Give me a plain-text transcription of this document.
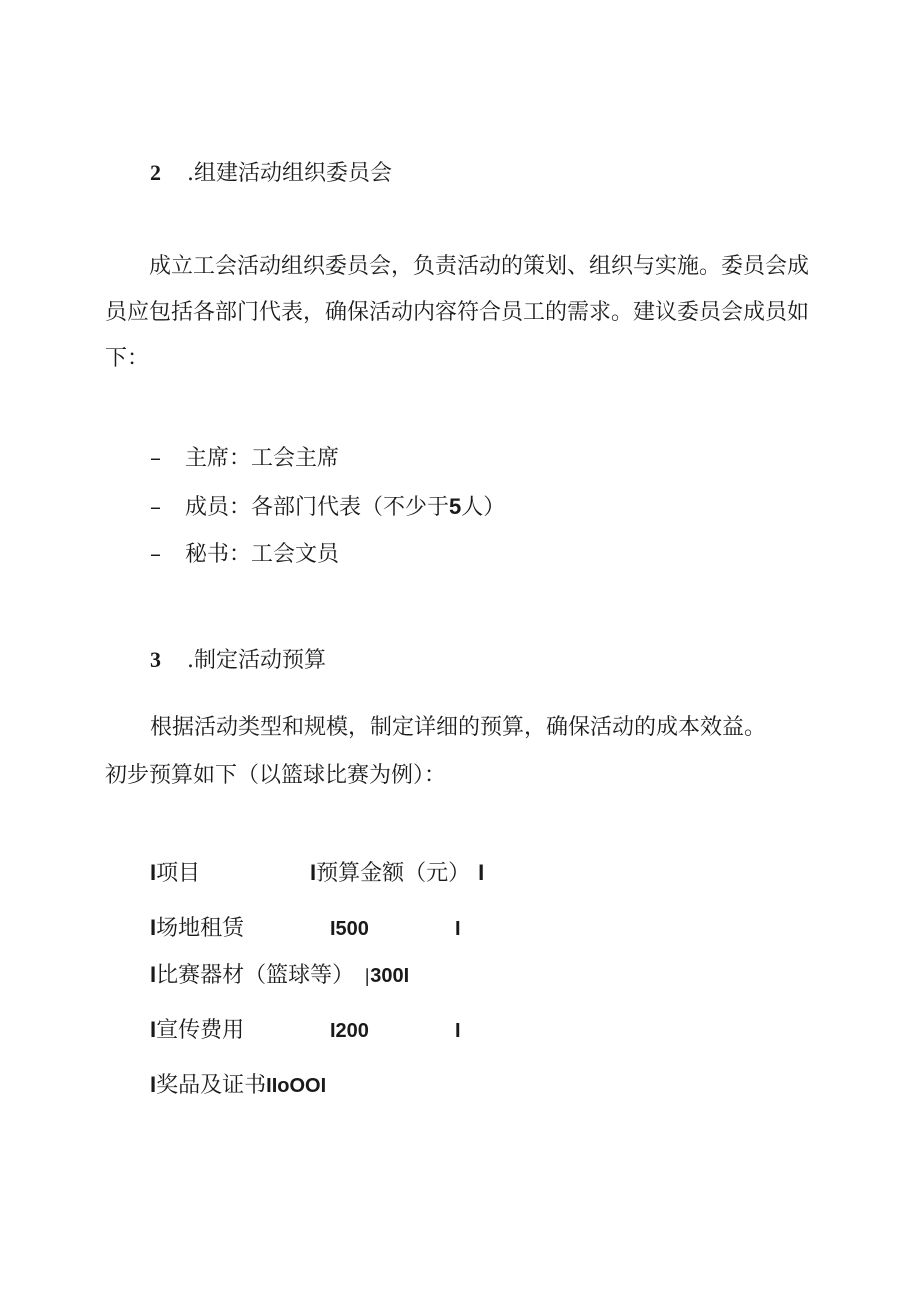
2 .组建活动组织委员会
成立工会活动组织委员会，负责活动的策划、组织与实施。委员会成员应包括各部门代表，确保活动内容符合员工的需求。建议委员会成员如下：
– 主席：工会主席
– 成员：各部门代表（不少于5人）
– 秘书：工会文员
3 .制定活动预算
根据活动类型和规模，制定详细的预算，确保活动的成本效益。
初步预算如下（以篮球比赛为例）：
I项目	I预算金额（元） I
I场地租赁	I500	I
I比赛器材（篮球等） |300I
I宣传费用	I200	I
I奖品及证书IIoOOI
